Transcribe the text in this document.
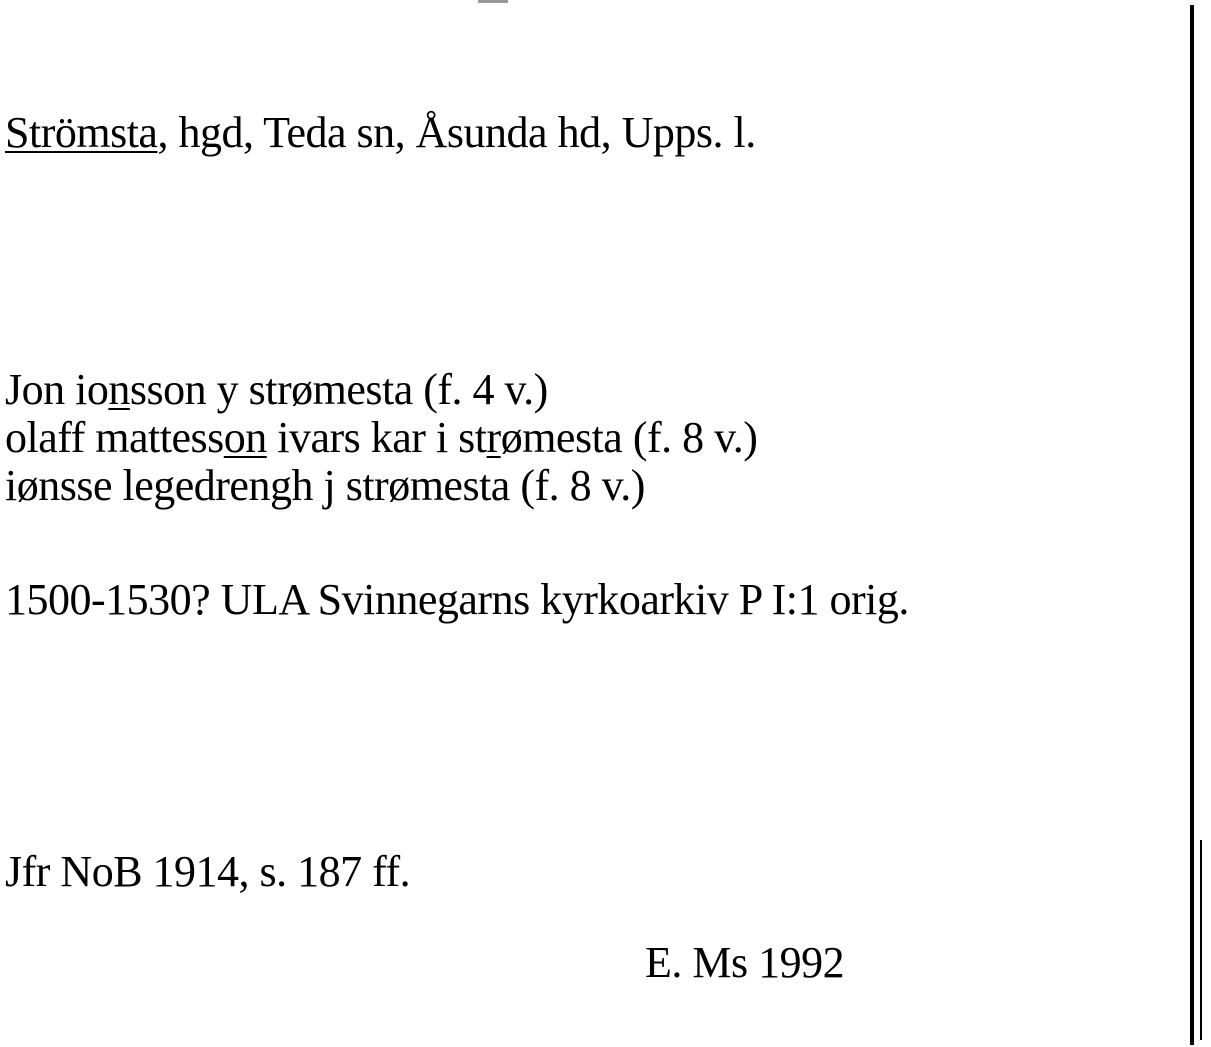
Strömsta, hgd, Teda sn, Åsunda hd, Upps. l.
Jon ionsson y strømesta (f. 4 v.)
olaff mattesson ivars kar i strømesta (f. 8 v.)
iønsse legedrengh j strømesta (f. 8 v.)
1500-1530? ULA Svinnegarns kyrkoarkiv P I:1 orig.
Jfr NoB 1914, s. 187 ff.
E. Ms 1992
